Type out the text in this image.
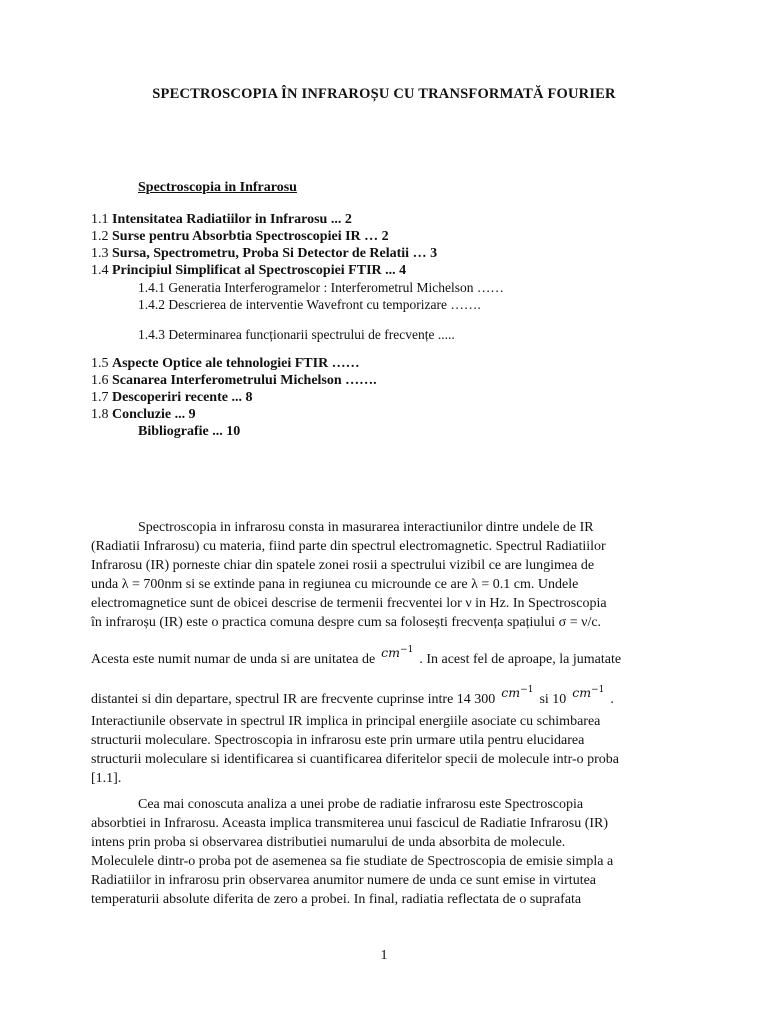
SPECTROSCOPIA ÎN INFRAROȘU CU TRANSFORMATĂ FOURIER
Spectroscopia in Infrarosu
1.1 Intensitatea Radiatiilor in Infrarosu ... 2
1.2 Surse pentru Absorbtia Spectroscopiei IR … 2
1.3 Sursa, Spectrometru, Proba Si Detector de Relatii … 3
1.4 Principiul Simplificat al Spectroscopiei FTIR ... 4
1.4.1 Generatia Interferogramelor : Interferometrul Michelson ……
1.4.2 Descrierea de interventie Wavefront cu temporizare …….
1.4.3 Determinarea funcționarii spectrului de frecvențe .....
1.5 Aspecte Optice ale tehnologiei FTIR ……
1.6 Scanarea Interferometrului Michelson …….
1.7 Descoperiri recente ... 8
1.8 Concluzie ... 9
Bibliografie ... 10
Spectroscopia in infrarosu consta in masurarea interactiunilor dintre undele de IR
(Radiatii Infrarosu) cu materia, fiind parte din spectrul electromagnetic. Spectrul Radiatiilor
Infrarosu (IR) porneste chiar din spatele zonei rosii a spectrului vizibil ce are lungimea de
unda λ = 700nm si se extinde pana in regiunea cu microunde ce are λ = 0.1 cm. Undele
electromagnetice sunt de obicei descrise de termenii frecventei lor ν in Hz. In Spectroscopia
în infraroșu (IR) este o practica comuna despre cum sa folosești frecvența spațiului σ = ν/c.
Acesta este numit numar de unda si are unitatea de $cm^{-1}$. In acest fel de aproape, la jumatate
distantei si din departare, spectrul IR are frecvente cuprinse intre 14 300 $cm^{-1}si$ 10 $cm^{-1}$.
Interactiunile observate in spectrul IR implica in principal energiile asociate cu schimbarea
structurii moleculare. Spectroscopia in infrarosu este prin urmare utila pentru elucidarea
structurii moleculare si identificarea si cuantificarea diferitelor specii de molecule intr-o proba
[1.1].
Cea mai conoscuta analiza a unei probe de radiatie infrarosu este Spectroscopia
absorbtiei in Infrarosu. Aceasta implica transmiterea unui fascicul de Radiatie Infrarosu (IR)
intens prin proba si observarea distributiei numarului de unda absorbita de molecule.
Moleculele dintr-o proba pot de asemenea sa fie studiate de Spectroscopia de emisie simpla a
Radiatiilor in infrarosu prin observarea anumitor numere de unda ce sunt emise in virtutea
temperaturii absolute diferita de zero a probei. In final, radiatia reflectata de o suprafata
1
